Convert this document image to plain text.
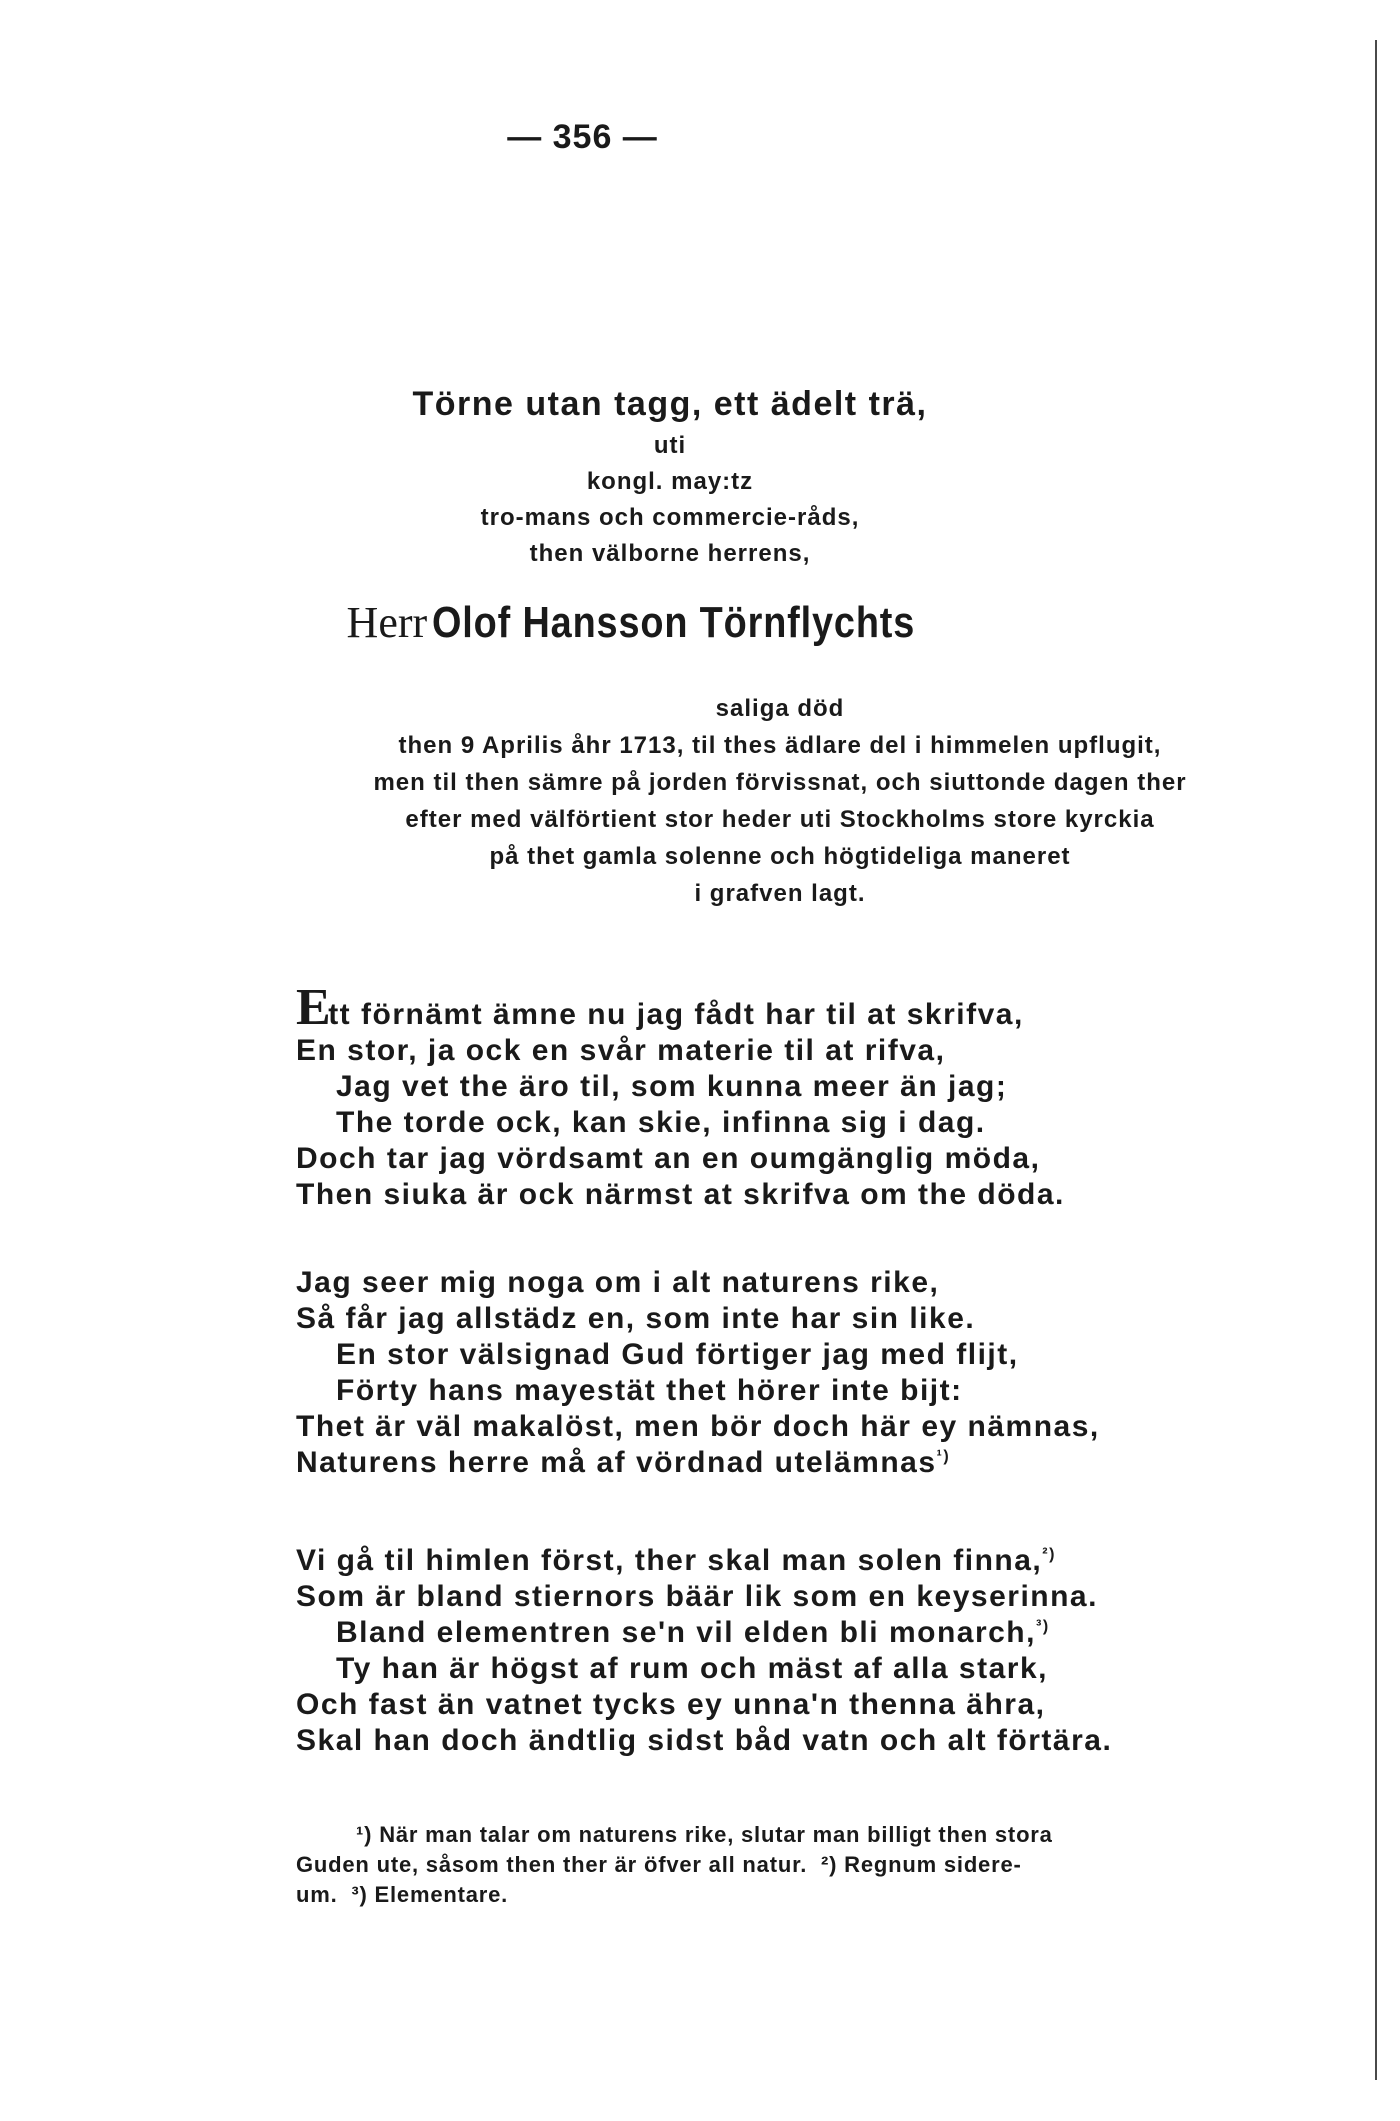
— 356 —
Törne utan tagg, ett ädelt trä,
uti
kongl. may:tz
tro-mans och commercie-råds,
then välborne herrens,
Herr Olof Hansson Törnflychts
saliga död
then 9 Aprilis åhr 1713, til thes ädlare del i himmelen upflugit,
men til then sämre på jorden förvissnat, och siuttonde dagen ther
efter med välförtient stor heder uti Stockholms store kyrckia
på thet gamla solenne och högtideliga maneret
i grafven lagt.
Ett förnämt ämne nu jag fådt har til at skrifva,
En stor, ja ock en svår materie til at rifva,
Jag vet the äro til, som kunna meer än jag;
The torde ock, kan skie, infinna sig i dag.
Doch tar jag vördsamt an en oumgänglig möda,
Then siuka är ock närmst at skrifva om the döda.
Jag seer mig noga om i alt naturens rike,
Så får jag allstädz en, som inte har sin like.
En stor välsignad Gud förtiger jag med flijt,
Förty hans mayestät thet hörer inte bijt:
Thet är väl makalöst, men bör doch här ey nämnas,
Naturens herre må af vördnad utelämnas$^{^1)}$
Vi gå til himlen först, ther skal man solen finna,$^{^2)}$
Som är bland stiernors bäär lik som en keyserinna.
Bland elementren se'n vil elden bli monarch,$^{^3)}$
Ty han är högst af rum och mäst af alla stark,
Och fast än vatnet tycks ey unna'n thenna ähra,
Skal han doch ändtlig sidst båd vatn och alt förtära.
¹) När man talar om naturens rike, slutar man billigt then stora
Guden ute, såsom then ther är öfver all natur. ²) Regnum sidere-
um. ³) Elementare.
